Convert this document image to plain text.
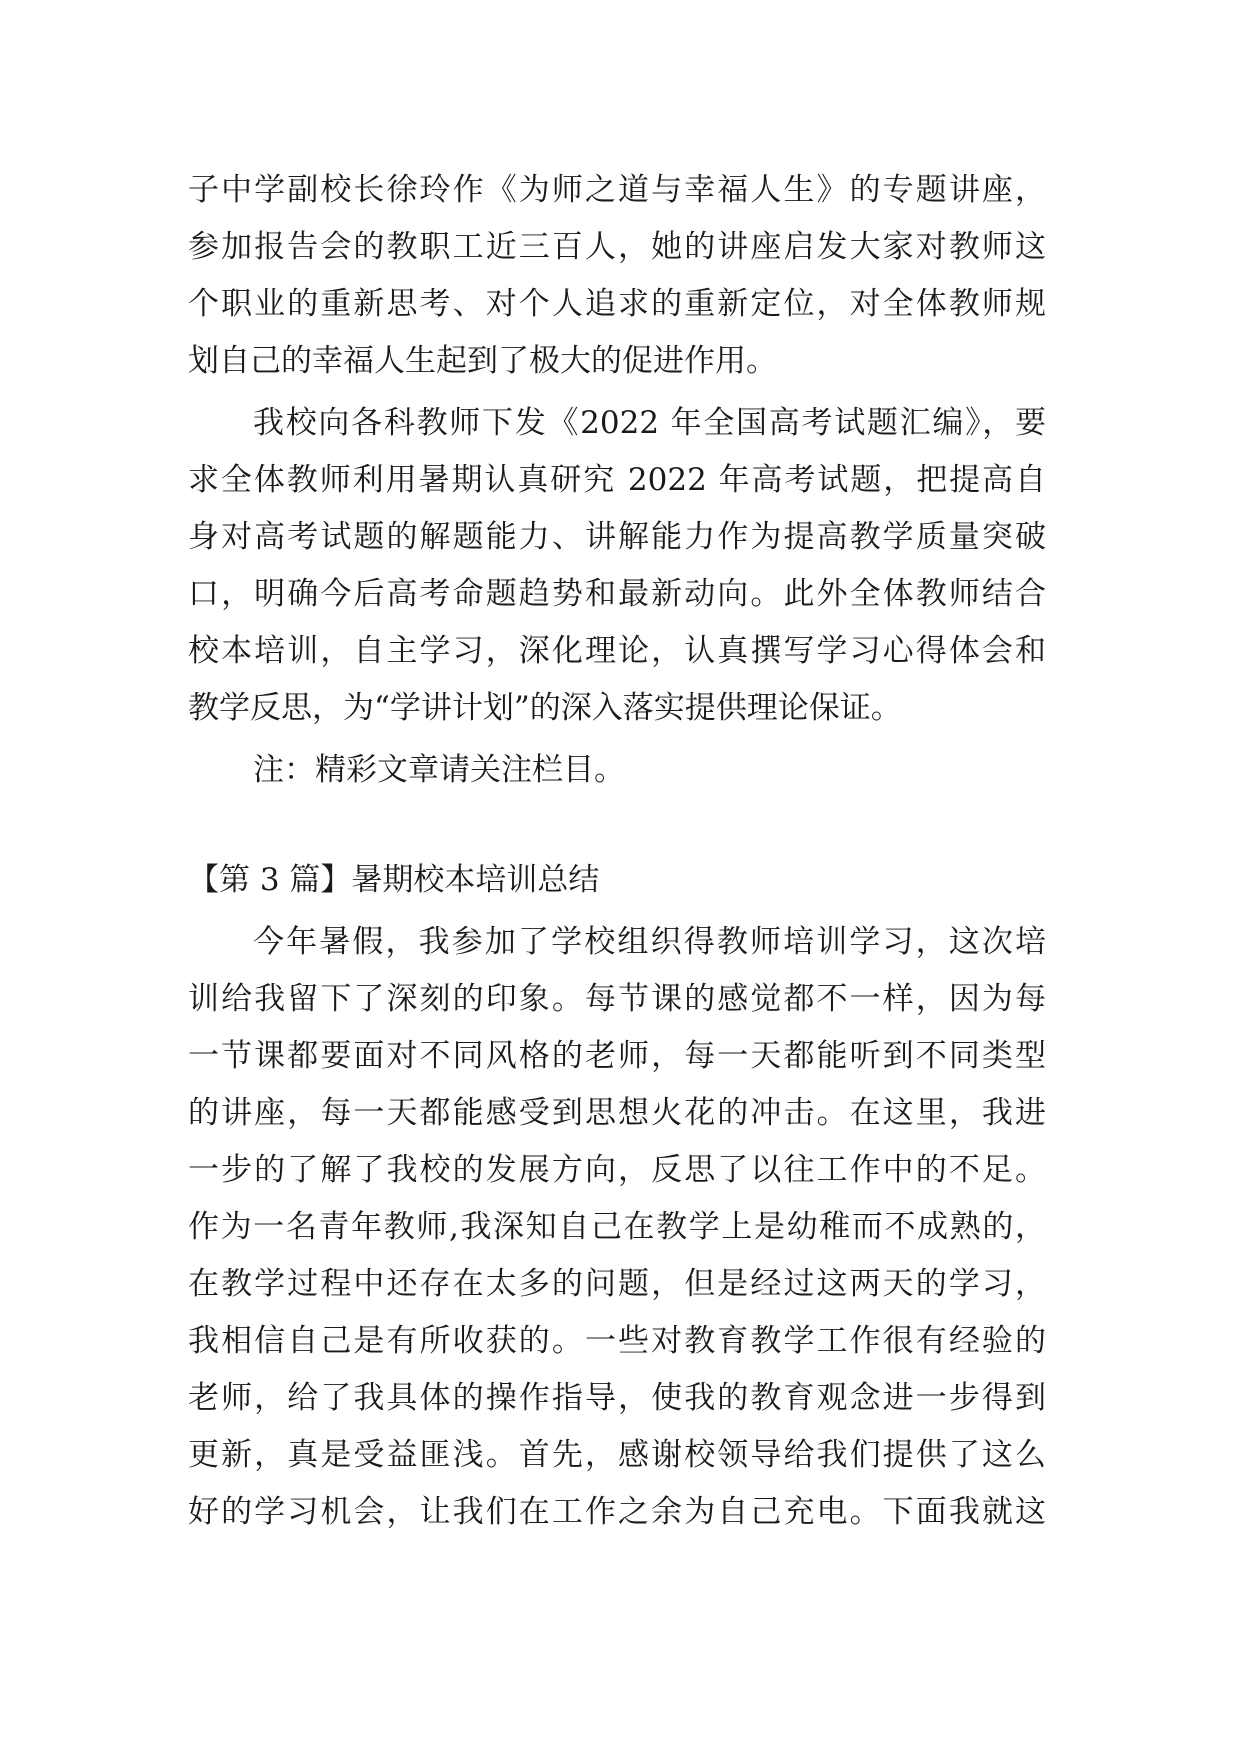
子中学副校长徐玲作《为师之道与幸福人生》的专题讲座，
参加报告会的教职工近三百人，她的讲座启发大家对教师这
个职业的重新思考、对个人追求的重新定位，对全体教师规
划自己的幸福人生起到了极大的促进作用。
我校向各科教师下发《2022 年全国高考试题汇编》，要
求全体教师利用暑期认真研究 2022 年高考试题，把提高自
身对高考试题的解题能力、讲解能力作为提高教学质量突破
口，明确今后高考命题趋势和最新动向。此外全体教师结合
校本培训，自主学习，深化理论，认真撰写学习心得体会和
教学反思，为“学讲计划”的深入落实提供理论保证。
注：精彩文章请关注栏目。
【第 3 篇】暑期校本培训总结
今年暑假，我参加了学校组织得教师培训学习，这次培
训给我留下了深刻的印象。每节课的感觉都不一样，因为每
一节课都要面对不同风格的老师，每一天都能听到不同类型
的讲座，每一天都能感受到思想火花的冲击。在这里，我进
一步的了解了我校的发展方向，反思了以往工作中的不足。
作为一名青年教师,我深知自己在教学上是幼稚而不成熟的，
在教学过程中还存在太多的问题，但是经过这两天的学习，
我相信自己是有所收获的。一些对教育教学工作很有经验的
老师，给了我具体的操作指导，使我的教育观念进一步得到
更新，真是受益匪浅。首先，感谢校领导给我们提供了这么
好的学习机会，让我们在工作之余为自己充电。下面我就这
